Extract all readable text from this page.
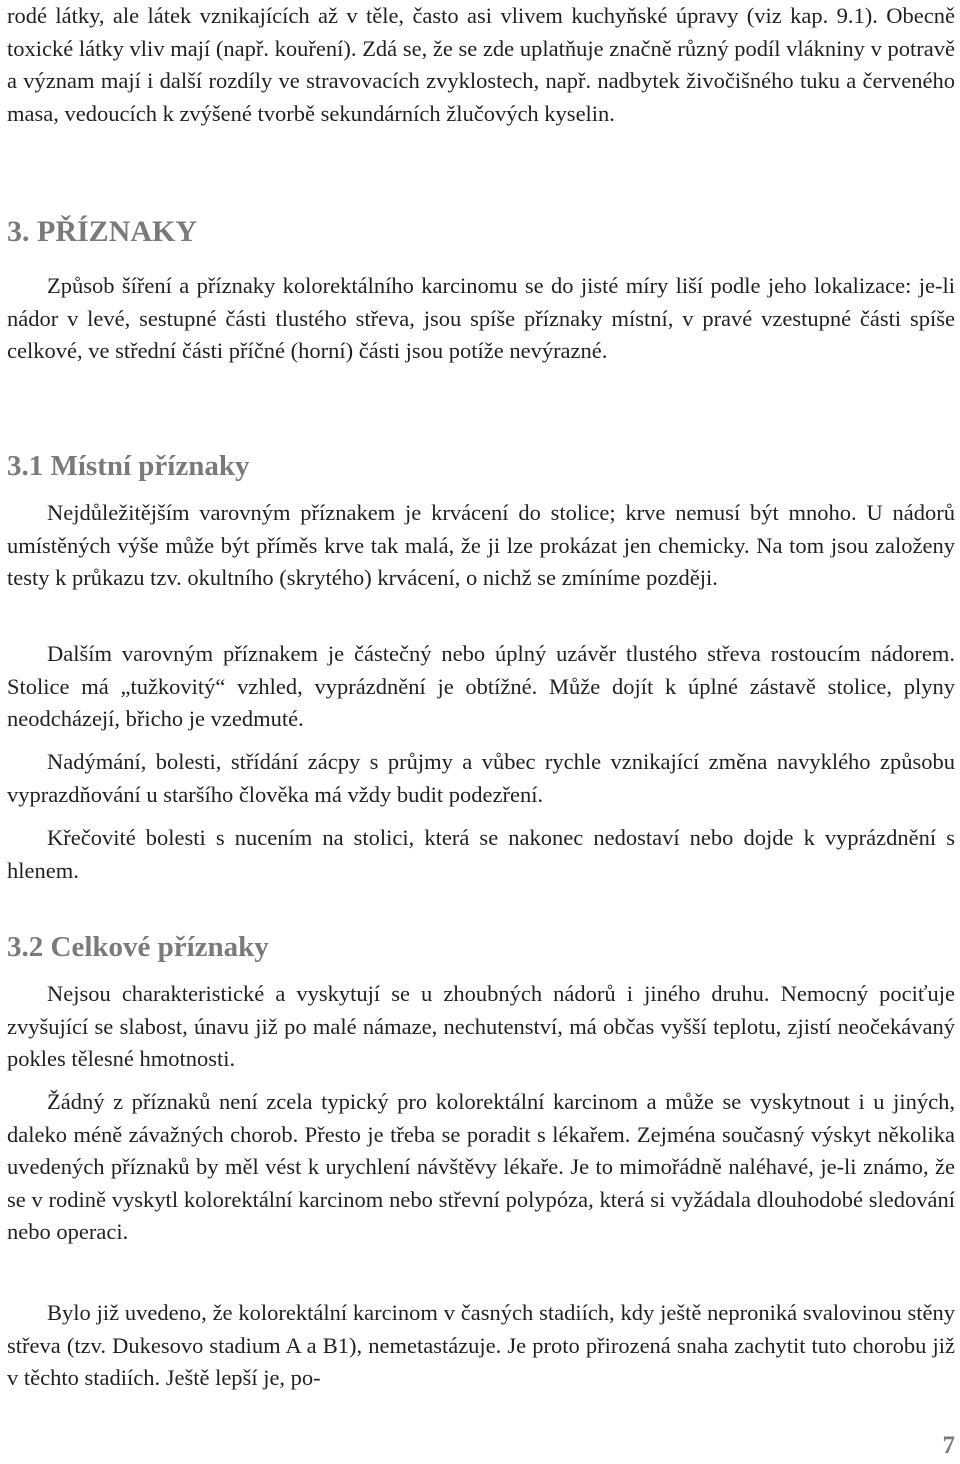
rodé látky, ale látek vznikajících až v těle, často asi vlivem kuchyňské úpravy (viz kap. 9.1). Obecně toxické látky vliv mají (např. kouření). Zdá se, že se zde uplatňuje značně různý podíl vlákniny v potravě a význam mají i další rozdíly ve stravovacích zvyklostech, např. nadbytek živočišného tuku a červeného masa, vedoucích k zvýšené tvorbě sekundárních žlučových kyselin.

3. PŘÍZNAKY

Způsob šíření a příznaky kolorektálního karcinomu se do jisté míry liší podle jeho lokalizace: je-li nádor v levé, sestupné části tlustého střeva, jsou spíše příznaky místní, v pravé vzestupné části spíše celkové, ve střední části příčné (horní) části jsou potíže nevýrazné.

3.1 Místní příznaky

Nejdůležitějším varovným příznakem je krvácení do stolice; krve nemusí být mnoho. U nádorů umístěných výše může být příměs krve tak malá, že ji lze prokázat jen chemicky. Na tom jsou založeny testy k průkazu tzv. okultního (skrytého) krvácení, o nichž se zmíníme později.

Dalším varovným příznakem je částečný nebo úplný uzávěr tlustého střeva rostoucím nádorem. Stolice má „tužkovitý“ vzhled, vyprázdnění je obtížné. Může dojít k úplné zástavě stolice, plyny neodcházejí, břicho je vzedmuté.

Nadýmání, bolesti, střídání zácpy s průjmy a vůbec rychle vznikající změna navyklého způsobu vyprazdňování u staršího člověka má vždy budit podezření.

Křečovité bolesti s nucením na stolici, která se nakonec nedostaví nebo dojde k vyprázdnění s hlenem.

3.2 Celkové příznaky

Nejsou charakteristické a vyskytují se u zhoubných nádorů i jiného druhu. Nemocný pociťuje zvyšující se slabost, únavu již po malé námaze, nechutenství, má občas vyšší teplotu, zjistí neočekávaný pokles tělesné hmotnosti.

Žádný z příznaků není zcela typický pro kolorektální karcinom a může se vyskytnout i u jiných, daleko méně závažných chorob. Přesto je třeba se poradit s lékařem. Zejména současný výskyt několika uvedených příznaků by měl vést k urychlení návštěvy lékaře. Je to mimořádně naléhavé, je-li známo, že se v rodině vyskytl kolorektální karcinom nebo střevní polypóza, která si vyžádala dlouhodobé sledování nebo operaci.

Bylo již uvedeno, že kolorektální karcinom v časných stadiích, kdy ještě neproniká svalovinou stěny střeva (tzv. Dukesovo stadium A a B1), nemetastázuje. Je proto přirozená snaha zachytit tuto chorobu již v těchto stadiích. Ještě lepší je, po-

7
